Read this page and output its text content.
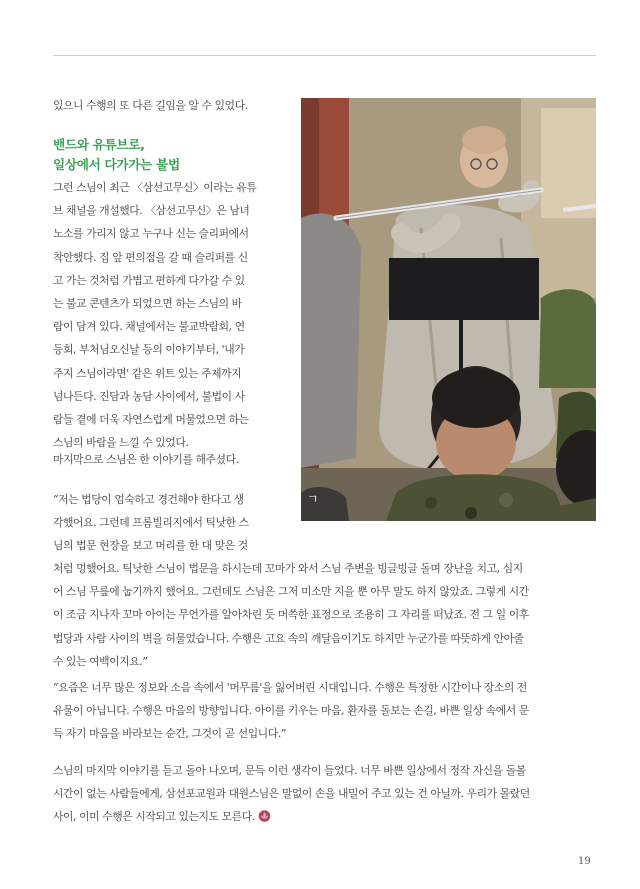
있으니 수행의 또 다른 길임을 알 수 있었다.

밴드와 유튜브로,
일상에서 다가가는 불법
그런 스님이 최근 〈삼선고무신〉이라는 유튜
브 채널을 개설했다. 〈삼선고무신〉은 남녀
노소를 가리지 않고 누구나 신는 슬리퍼에서
착안했다. 집 앞 편의점을 갈 때 슬리퍼를 신
고 가는 것처럼 가볍고 편하게 다가갈 수 있
는 불교 콘텐츠가 되었으면 하는 스님의 바
람이 담겨 있다. 채널에서는 불교박람회, 연
등회, 부처님오신날 등의 이야기부터, '내가
주지 스님이라면' 같은 위트 있는 주제까지
넘나든다. 진담과 농담 사이에서, 불법이 사
람들 곁에 더욱 자연스럽게 머물었으면 하는
스님의 바람을 느낄 수 있었다.
마지막으로 스님은 한 이야기를 해주셨다.
“저는 법당이 엄숙하고 경건해야 한다고 생
각했어요. 그런데 프롬빌리지에서 틱낫한 스
님의 법문 현장을 보고 머리를 한 대 맞은 것
처럼 멍했어요. 틱낫한 스님이 법문을 하시는데 꼬마가 와서 스님 주변을 빙글빙글 돌며 장난을 치고, 심지
어 스님 무릎에 눕기까지 했어요. 그런데도 스님은 그저 미소만 지을 뿐 아무 말도 하지 않았죠. 그렇게 시간
이 조금 지나자 꼬마 아이는 무언가를 알아차린 듯 머쓱한 표정으로 조용히 그 자리를 떠났죠. 전 그 일 이후
법당과 사람 사이의 벽을 허물었습니다. 수행은 고요 속의 깨달음이기도 하지만 누군가를 따뜻하게 안아줄
수 있는 여백이지요.”
“요즘은 너무 많은 정보와 소음 속에서 '머무름'을 잃어버린 시대입니다. 수행은 특정한 시간이나 장소의 전
유물이 아닙니다. 수행은 마음의 방향입니다. 아이를 키우는 마음, 환자를 돌보는 손길, 바쁜 일상 속에서 문
득 자기 마음을 바라보는 순간, 그것이 곧 선입니다.”
스님의 마지막 이야기를 듣고 돌아 나오며, 문득 이런 생각이 들었다. 너무 바쁜 일상에서 정작 자신을 돌볼
시간이 없는 사람들에게, 삼선포교원과 대원스님은 말없이 손을 내밀어 주고 있는 건 아닐까. 우리가 몰랐던
사이, 이미 수행은 시작되고 있는지도 모른다.
ㄱ
19
